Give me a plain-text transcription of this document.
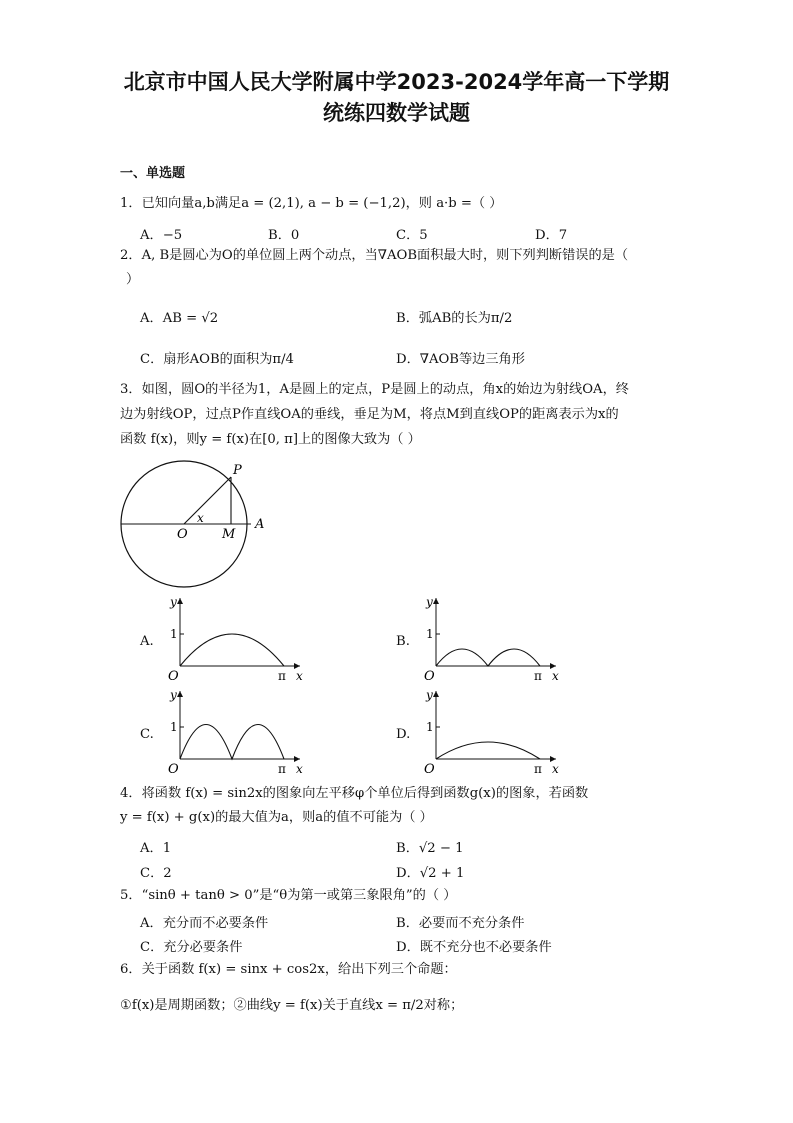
北京市中国人民大学附属中学2023-2024学年高一下学期
统练四数学试题
一、单选题
1．已知向量a,b满足a = (2,1), a − b = (−1,2)，则 a·b =（ ）
A．−5	B．0	C．5	D．7
2．A, B是圆心为O的单位圆上两个动点，当∇AOB面积最大时，则下列判断错误的是（
）
A．AB = √2	B．弧AB的长为π/2
C．扇形AOB的面积为π/4	D．∇AOB等边三角形
3．如图，圆O的半径为1，A是圆上的定点，P是圆上的动点，角x的始边为射线OA，终
边为射线OP，过点P作直线OA的垂线，垂足为M，将点M到直线OP的距离表示为x的
函数 f(x)，则y = f(x)在[0, π]上的图像大致为（ ）
P
x
O	M
A
A.	B.
C.	D.
y
1
O	π x
y
1
O	π x
y
1
O	π x
y
1
O	π x
4．将函数 f(x) = sin2x的图象向左平移φ个单位后得到函数g(x)的图象，若函数
y = f(x) + g(x)的最大值为a，则a的值不可能为（ ）
A．1	B．√2 − 1
C．2	D．√2 + 1
5．“sinθ + tanθ > 0”是“θ为第一或第三象限角”的（ ）
A．充分而不必要条件	B．必要而不充分条件
C．充分必要条件	D．既不充分也不必要条件
6．关于函数 f(x) = sinx + cos2x，给出下列三个命题：
①f(x)是周期函数；②曲线y = f(x)关于直线x = π/2对称；
